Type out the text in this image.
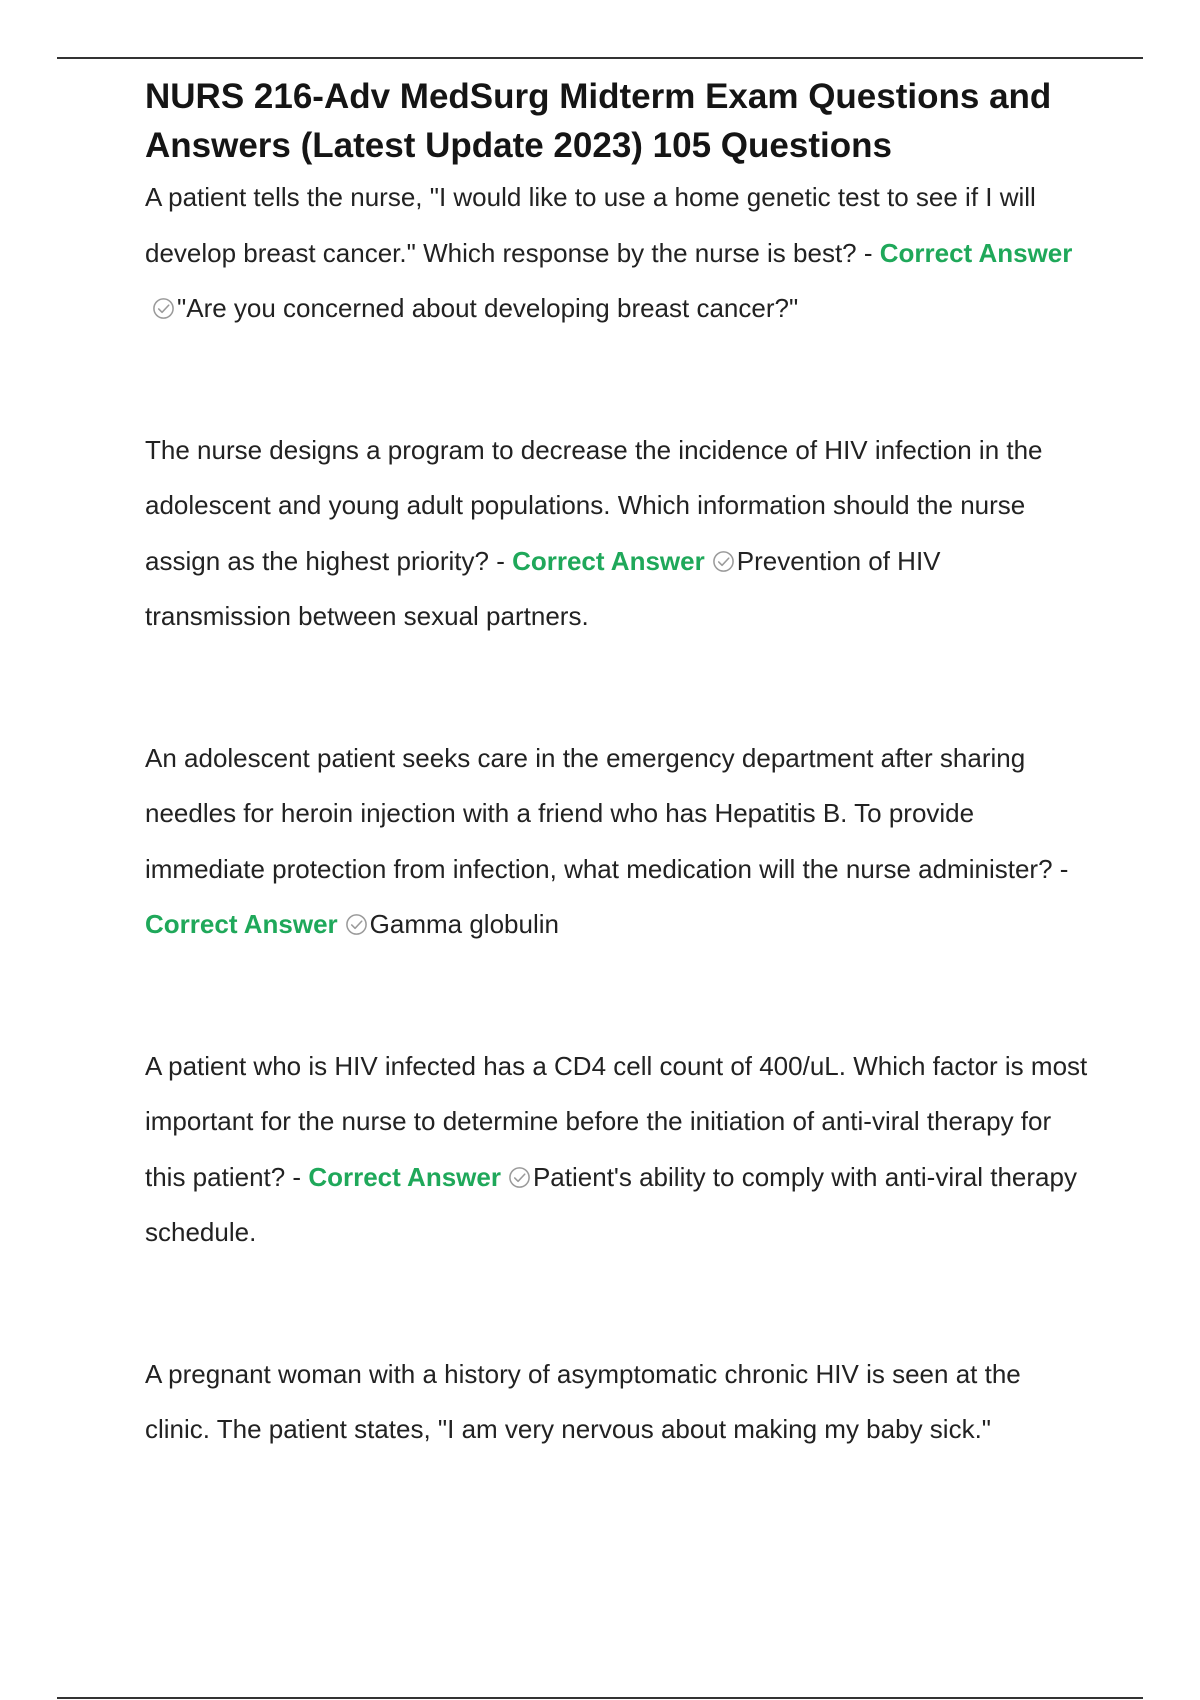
NURS 216-Adv MedSurg Midterm Exam Questions and Answers (Latest Update 2023) 105 Questions

A patient tells the nurse, "I would like to use a home genetic test to see if I will develop breast cancer." Which response by the nurse is best? - Correct Answer
"Are you concerned about developing breast cancer?"

The nurse designs a program to decrease the incidence of HIV infection in the adolescent and young adult populations. Which information should the nurse assign as the highest priority? - Correct Answer Prevention of HIV transmission between sexual partners.

An adolescent patient seeks care in the emergency department after sharing needles for heroin injection with a friend who has Hepatitis B. To provide immediate protection from infection, what medication will the nurse administer? - Correct Answer Gamma globulin

A patient who is HIV infected has a CD4 cell count of 400/uL. Which factor is most important for the nurse to determine before the initiation of anti-viral therapy for this patient? - Correct Answer Patient's ability to comply with anti-viral therapy schedule.

A pregnant woman with a history of asymptomatic chronic HIV is seen at the clinic. The patient states, "I am very nervous about making my baby sick."
